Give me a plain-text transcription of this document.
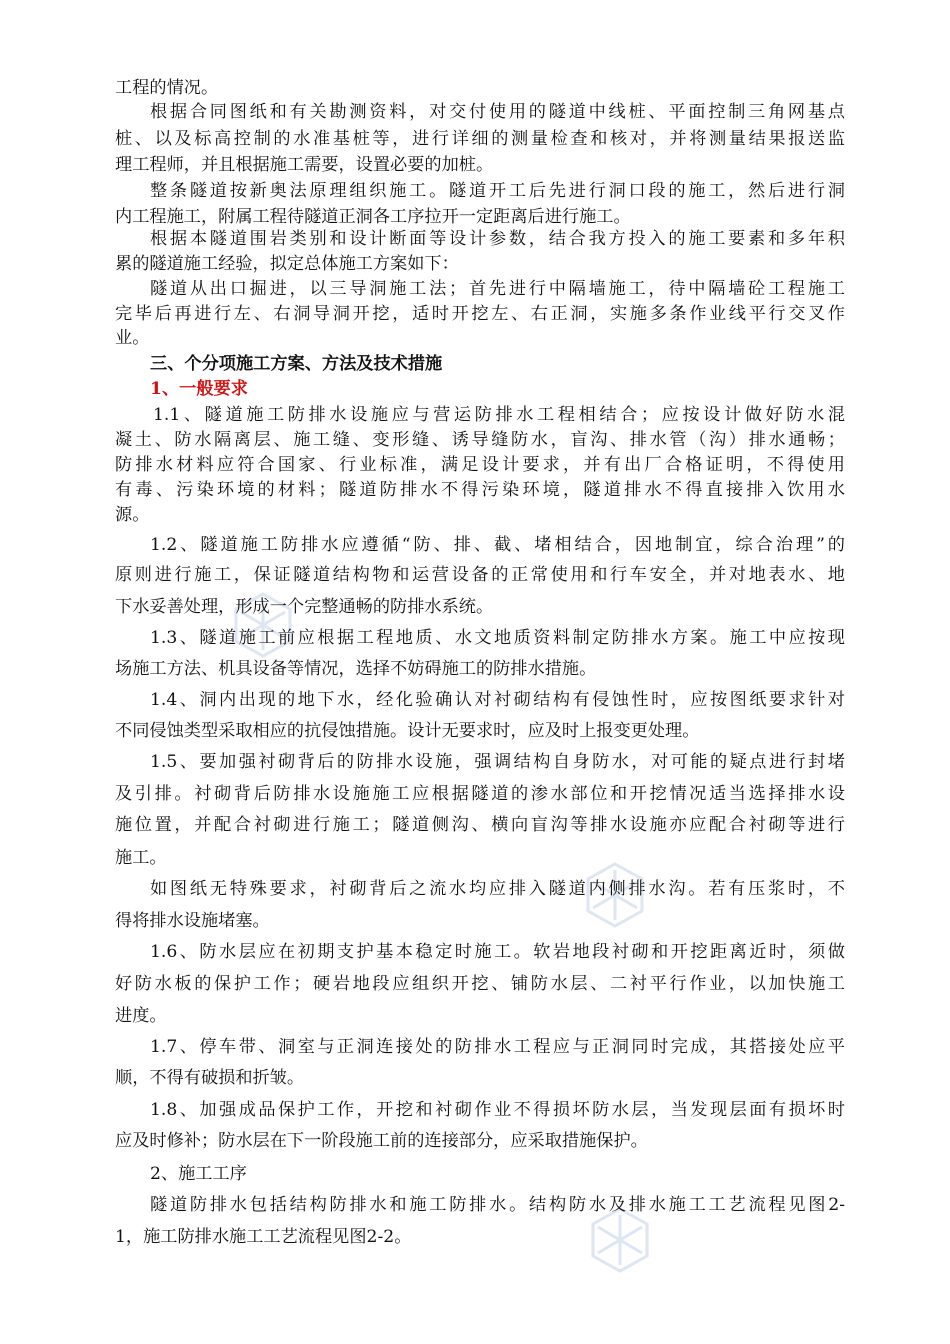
工程的情况。
根据合同图纸和有关勘测资料，对交付使用的隧道中线桩、平面控制三角网基点
桩、以及标高控制的水准基桩等，进行详细的测量检查和核对，并将测量结果报送监
理工程师，并且根据施工需要，设置必要的加桩。
整条隧道按新奥法原理组织施工。隧道开工后先进行洞口段的施工，然后进行洞
内工程施工，附属工程待隧道正洞各工序拉开一定距离后进行施工。
根据本隧道围岩类别和设计断面等设计参数，结合我方投入的施工要素和多年积
累的隧道施工经验，拟定总体施工方案如下：
隧道从出口掘进，以三导洞施工法；首先进行中隔墙施工，待中隔墙砼工程施工
完毕后再进行左、右洞导洞开挖，适时开挖左、右正洞，实施多条作业线平行交叉作
业。
三、个分项施工方案、方法及技术措施
1、一般要求
1.1、隧道施工防排水设施应与营运防排水工程相结合；应按设计做好防水混
凝土、防水隔离层、施工缝、变形缝、诱导缝防水，盲沟、排水管（沟）排水通畅；
防排水材料应符合国家、行业标准，满足设计要求，并有出厂合格证明，不得使用
有毒、污染环境的材料；隧道防排水不得污染环境，隧道排水不得直接排入饮用水
源。
1.2、隧道施工防排水应遵循“防、排、截、堵相结合，因地制宜，综合治理”的
原则进行施工，保证隧道结构物和运营设备的正常使用和行车安全，并对地表水、地
下水妥善处理，形成一个完整通畅的防排水系统。
1.3、隧道施工前应根据工程地质、水文地质资料制定防排水方案。施工中应按现
场施工方法、机具设备等情况，选择不妨碍施工的防排水措施。
1.4、洞内出现的地下水，经化验确认对衬砌结构有侵蚀性时，应按图纸要求针对
不同侵蚀类型采取相应的抗侵蚀措施。设计无要求时，应及时上报变更处理。
1.5、要加强衬砌背后的防排水设施，强调结构自身防水，对可能的疑点进行封堵
及引排。衬砌背后防排水设施施工应根据隧道的渗水部位和开挖情况适当选择排水设
施位置，并配合衬砌进行施工；隧道侧沟、横向盲沟等排水设施亦应配合衬砌等进行
施工。
如图纸无特殊要求，衬砌背后之流水均应排入隧道内侧排水沟。若有压浆时，不
得将排水设施堵塞。
1.6、防水层应在初期支护基本稳定时施工。软岩地段衬砌和开挖距离近时，须做
好防水板的保护工作；硬岩地段应组织开挖、铺防水层、二衬平行作业，以加快施工
进度。
1.7、停车带、洞室与正洞连接处的防排水工程应与正洞同时完成，其搭接处应平
顺，不得有破损和折皱。
1.8、加强成品保护工作，开挖和衬砌作业不得损坏防水层，当发现层面有损坏时
应及时修补；防水层在下一阶段施工前的连接部分，应采取措施保护。
2、施工工序
隧道防排水包括结构防排水和施工防排水。结构防水及排水施工工艺流程见图2-
1，施工防排水施工工艺流程见图2-2。
